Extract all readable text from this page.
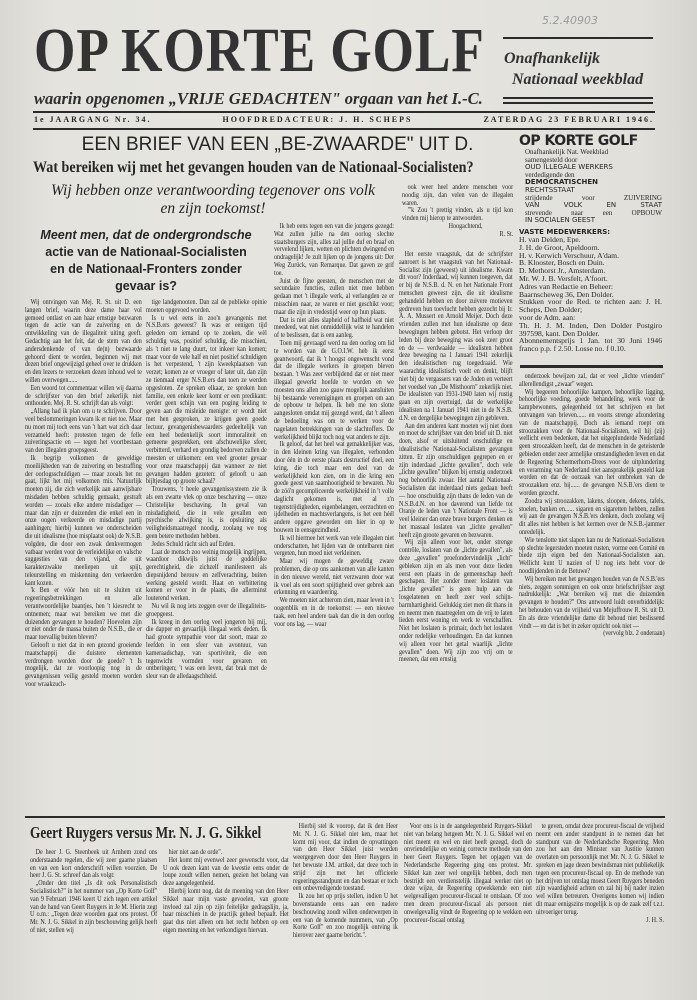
5.2.40903
OP KORTE GOLF Onafhankelijk
Nationaal weekblad
waarin opgenomen „VRIJE GEDACHTEN" orgaan van het I.-C.
1e JAARGANG Nr. 34.	HOOFDREDACTEUR: J. H. SCHEPS	ZATERDAG 23 FEBRUARI 1946.
EEN BRIEF VAN EEN „BE-ZWAARDE" UIT D.
Wat bereiken wij met het gevangen houden van de Nationaal-Socialisten?
Wij hebben onze verantwoording tegenover ons volk
en zijn toekomst!
Meent men, dat de ondergrondsche
actie van de Nationaal-Socialisten
en de Nationaal-Fronters zonder
gevaar is?

Wij ontvingen van Mej. R. St. uit D. een langen brief, waarin deze dame haar vol gemoed ontlast en aan haar ernstige bezwaren tegen de actie van de zuivering en de ontwikkeling van de illegaliteit uiting geeft. Gedachtig aan het feit, dat de stem van den andersdenkende of van de(n) bezwaarde gehoord dient te worden, beginnen wij met dezen brief ongewijzigd geheel over te drukken en den lezers te verzoeken dezen inhoud wel te willen overwegen......

Een woord tot commentaar willen wij daarna de schrijfster van den brief zekerlijk niet onthouden. Mej. R. St. schrijft dan als volgt:

„Allang had ik plan om u te schrijven. Door veel beslommeringen kwam ik er niet toe. Maar nu moet mij toch eens van 't hart wat zich daar verzameld heeft: protesten tegen de felle zuiveringsactie en — tegen het voortbestaan van den illegalen groepsgeest.

Ik begrijp volkomen de geweldige moeilijkheden van de zuivering en bestraffing der oorlogsschuldigen — maar zooals het nu gaat, lijkt het mij volkomen mis. Natuurlijk moeten zij, die zich werkelijk aan aanwijsbare misdaden hebben schuldig gemaakt, gestraft worden — zooals elke andere misdadiger — maar dan zijn er duizenden die enkel een in onze oogen verkeerde en misdadige partij aanhingen; hierbij kunnen we onderscheiden die uit idealisme (hoe misplaatst ook) de N.S.B. volgden, die door een zwak denkvermogen vatbaar werden voor de verleidelijke en valsche suggesties van den vijand, die uit karakterzwakte meeliepen uit spijt, teleurstelling en miskenning den verkeerden kant kozen.

'k Ben er vóór hen uit te sluiten uit regeeringsbetrekkingen en alle verantwoordelijke baantjes, hen 't kiesrecht te ontnemen; maar wat bereiken we met die duizenden gevangen te houden? Hoevelen zijn er niet onder de massa buiten de N.S.B., die er maar toevallig buiten bleven?

Gelooft u niet dat in een gezond groeiende maatschappij die duistere elementen verdrongen worden door de goede? 't Is mogelijk, dat ze voorloopig nog in de gevangenissen veilig gesteld moeten worden voor wraakzuch-

tige landgenooten. Dan zal de publieke opinie moeten opgevoed worden.

Is u wel eens in zoo'n gevangenis met N.S.B.ers geweest? Ik was er eenigen tijd geleden om iemand op te zoeken, die wèl schuldig was, positief schuldig, die misschien, als 't niet te lang duurt, tot inkeer kan komen; maar voor de vele half en niet positief schuldigen is het verpestend, 't zijn kweekplaatsen van verzet; komen ze er vroeger of later uit, dan zijn ze tienmaal erger N.S.B.ers dan toen ze werden opgesloten. Ze spreken elkaar, ze spreken hun familie, een enkele keer komt er een predikant: verder geen schijn van een poging leiding te geven aan die misleide menigte: er wordt niet met hen gesproken, ze krijgen geen goede lectuur, gevangenisbewaarders gedeeltelijk van een heel bedenkelijk soort immoraliteit en gemeene gesprekken, een afschuwelijke sfeer, verbitterd, verhard en grondig bedorven zullen de meesten er uitkomen: een veel grooter gevaar voor onze maatschappij dan wanneer ze niet gevangen hadden gezeten: of gelooft u aan bijltjesdag op groote schaal?

Trouwens, 't heele gevangenissysteem zie ik als een zwarte vlek op onze beschaving — onze Christelijke beschaving. In geval van misdadigheid, die in vele gevallen een psychische afwijking is, is opsluiting als veiligheidsmaatregel noodig, zoolang we nog geen betere methoden hebben.

Jedes Schuld rächt sich auf Erden.

Laat de mensch zoo weinig mogelijk ingrijpen, waardoor dikwijls juist de goddelijke gerechtigheid, die zichzelf manifesteert als diepsnijdend berouw en zelfverachting, buiten werking gesteld wordt. Haat en verbittering komen er voor in de plaats, die allerminst louterend werken.

Nu wil ik nog iets zeggen over de illegaliteits-groepgeest.

Ik kreeg in den oorlog veel jongeren bij mij, die dapper en gevaarlijk illegaal werk deden. Ik had groote sympathie voor dat soort, maar ze leefden in een sfeer van avontuur, van kameraadschap, van sportiviteit, die een tegenwicht vormden voor gevaren en ontberingen; 't was een leven, dat brak met de sleur van de alledaagschheid.

Ik heb eens tegen een van die jongens gezegd: Wat zullen jullie na den oorlog slechte staatsburgers zijn, alles zal jullie duf en braaf en vervelend lijken, wetten en plichten dwingend en ondragelijk! Je zult lijken op de jongens uit: Der Weg Zurück, van Remarque. Dat gaven ze grif toe.

Juist de fijne geesten, de menschen met de secundaire functies, zullen niet mee hebben gedaan met 't illegale werk, al verlangden ze er misschien naar, ze waren er niet geschikt voor; maar die zijn in vredestijd weer op hun plaats.

Dat is niet alles slapheid of halfheid wat niet meedeed, wat niet onmiddellijk wist te handelen of te beslissen, dat is een aanleg.

Toen mij gevraagd werd na den oorlog om lid te worden van de G.O.I.W. heb ik eerst geantwoord, dat ik 't hoogst ongewenscht vond dat de illegale werkers in groepen bleven bestaan. 't Was zeer verblijdend dat er niet meer illegaal gewerkt hoefde te worden en we moesten ons allen zoo gauw mogelijk aansluiten bij bestaande vereenigingen en groepen om aan de opbouw te helpen. Ik heb me ten slotte aangesloten omdat mij gezegd werd, dat 't alleen de bedoeling was om te werken voor de nagelaten betrekkingen van de slachtoffers. De werkelijkheid blijkt toch nog wat anders te zijn.

Ik geloof, dat het heel wat gemakkelijker was, in den kleinen kring van illegalen, verbonden door één in de eerste plaats destructief doel, een kring, die toch maar een deel van de werkelijkheid kon zien, om in die kring een goede geest van saamhoorigheid te bewaren. Nu de zóó'n gecompliceerde werkelijkheid in 't volle daglicht gekomen is, met al z'n tegenstrijdigheden, eigenbelangen, eerzuchten en ijdelheden en machtsverlangens, is het een héél andere opgave geworden om hier in op te bouwen in eensgezindheid.

Ik wil hiermee het werk van vele illegalen niet onderschatten, het lijden van de ontelbaren niet vergeten, hun moed niet verkleinen.

Maar wij mogen de geweldig zware problemen, die op ons aankomen van alle kanten in den nieuwe wereld, niet verzwaren door wat ik voel als een soort spijtigheid over gebrek aan erkenning en waardeering.

We moeten niet achterom zien, maar leven in 't oogenblik en in de toekomst: — een nieuwe taak, een heel andere taak dan die in den oorlog voor ons lag, — waar

ook weer heel andere menschen voor noodig zijn, dan velen van de illegalen waren.

"'k Zou 't prettig vinden, als u tijd kon vinden mij hierop te antwoorden.

Hoogachtend,
R. St.

Het eerste vraagstuk, dat de schrijfster aanroert is het vraagstuk van het Nationaal-Socialist zijn (geweest) uit idealisme. Kwam dit voor? Inderdaad, wij kunnen toegeven, dat er bij de N.S.B. d. N. en het Nationale Front menschen geweest zijn, die uit idealisme gehandeld hebben en door zuivere motieven gedreven hun toevlucht hebben gezocht bij Ir. A. A. Mussert en Arnold Meijer. Doch deze vrienden zullen met hun idealisme op deze bewegingen hebben gebotst. Het verloop der leden bij deze beweging was ook zeer groot en de — verdwaalde — idealisten hebben deze beweging na 1 Januari 1941 zekerlijk den idealistischen rug toegedraaid. Wie waarachtig idealistisch voelt en denkt, blijft niet bij de vergassers van de Joden en verteert het voedsel van „De Misthoorn" zekerlijk niet. De idealisten van 1931-1940 laten wij rustig gaan en zijn overtuigd, dat de werkelijke idealisten na 1 Januari 1941 niet in de N.S.B. d.N. en dergelijke bewegingen zijn gebleven.

Aan den anderen kant moeten wij niet doen en moet de schrijfster van den brief uit D. niet doen, alsof er uitsluitend onschuldige en idealistische Nationaal-Socialisten gevangen zitten. Er zijn onschuldigen gegrepen en er zijn inderdaad „lichte gevallen", doch vele „lichte gevallen" blijken bij ernstig onderzoek nog behoorlijk zwaar. Het aantal Nationaal-Socialisten dat inderdaad niets gedaan heeft — hoe onschuldig zijn thans de leden van de N.S.B.d.N. en hoe daverend van liefde tot Oranje de leden van 't Nationale Front — is veel kleiner dan onze brave burgers denken en het massaal loslaten van „lichte gevallen" heeft zijn groote gevaren en bezwaren.

Wij zijn alleen voor het, onder strenge contrôle, loslaten van de „lichte gevallen", als deze „gevallen" proefondervindelijk „licht" gebleken zijn en als men voor deze lieden eerst een plaats in de gemeenschap heeft geschapen. Het zonder meer loslaten van „lichte gevallen" is geen hulp aan de losgelatenen en heeft zeer veel schijn-barmhartigheid. Gelukkig ziet men dit thans in en neemt men maatregelen om de vrij te laten lieden eerst woning en werk te verschaffen. Niet het loslaten is primair, doch het loslaten onder redelijke verhoudingen. En dat kunnen wij alleen voor het getal waarlijk „lichte gevallen" doen. Wij zijn zoo vrij om te meenen, dat een ernstig

onderzoek bewijzen zal, dat er veel „lichte vrienden" allerellendigst „zwaar" wegen.

Wij begeeren behoorlijke kampen, behoorlijke ligging, behoorlijke voeding, goede behandeling, werk voor de kampbewoners, gelegenheid tot het schrijven en het ontvangen van brieven...... en voorts strenge afzondering van de maatschappij. Doch als iemand roept om stroozakken voor de Nationaal-Socialisten, wil hij (zij) wellicht even bedenken, dat het uitgeplunderde Nederland geen stroozakken heeft, dat de menschen in de geteisterde gebieden onder zeer armelijke omstandigheden leven en dat de Regeering Schermerhorn-Drees voor de uitplundering en verarming van Nederland niet aansprakelijk gesteld kan worden en dat de oorzaak van het ontbreken van de stroozakken enz. bij...... de gevangen N.S.B.'ers dient te worden gezocht.

Zoodra wij stroozakken, lakens, sloopen, dekens, tafels, stoelen, banken en...... sigaren en sigaretten hebben, zullen wij aan de gevangen N.S.B.'ers denken, doch zoolang wij dit alles niet hebben is het kermen over de N.S.B.-jammer onredelijk.

Wie tenslotte niet slapen kan nu de Nationaal-Socialisten op slechte legersteden moeten rusten, vorme een Comité en biede zijn eigen bed den Nationaal-Socialisten aan. Wellicht kunt U nazien of U nog iets hebt voor de noodlijdenden in de Betuwe?

Wij bereiken met het gevangen houden van de N.S.B.'ers niets, zeggen sommigen en ook onze briefschrijfster zegt nadrukkelijk: „Wat bereiken wij met die duizenden gevangen te houden?" Ons antwoord luidt onverbiddelijk: het behouden van de vrijheid van Mejuffrouw R. St. uit D. En als deze vriendelijke dame dit behoud niet beslissend vindt — en dat is het in zeker opzicht ook niet —

(vervolg blz. 2 onderaan)
OP KORTE GOLF
Onafhankelijk Nat. Weekblad
samengesteld door
OUD ILLEGALE WERKERS
verdedigende den
DEMOCRATISCHEN
RECHTSSTAAT
strijdende voor ZUIVERING
VAN VOLK EN STAAT
strevende naar een OPBOUW
IN SOCIALEN GEEST
VASTE MEDEWERKERS:
H. van Delden, Epe.
J. H. de Groot, Apeldoorn.
H. v. Kerwich Verschuur, A'dam.
B. Klooster, Bosch en Duin.
D. Methorst Jr., Amsterdam.
Mr. W. J. B. Versfelt, A'foort.
Adres van Redactie en Beheer:
Baarnscheweg 36, Den Dolder.
Stukken voor de Red. te richten aan: J. H. Scheps, Den Dolder;
voor de Adm. aan:
Th. H. J. M. Inden, Den Dolder Postgiro 397598, kant. Den Dolder.
Abonnementsprijs 1 Jan. tot 30 Juni 1946 franco p.p. f 2.50. Losse no. f 0.10.
Geert Ruygers versus Mr. N. J. G. Sikkel

De heer J. G. Steenbeek uit Arnhem zond ons onderstaande regelen, die wij zeer gaarne plaatsen en van een kort onderschrift willen voorzien. De heer J. G. St. schreef dan als volgt:

„Onder den titel „Is dit ook Personalistisch Socialistisch?" in het nummer van „Op Korte Golf" van 9 Februari 1946 keert U zich tegen een artikel van de hand van Geert Ruygers in Je M. Hierin zegt U o.m.: „Tegen deze woorden gaat ons protest. Of Mr. N. J. G. Sikkel in zijn beschouwing gelijk heeft of niet, stellen wij

hier niet aan de orde".

Het komt mij evenwel zeer gewenscht voor, dat U ook dezen kant van de kwestie eens onder de loupe zoudt willen nemen, gezien het belang van deze aangelegenheid.

Hierbij komt nog, dat de meening van den Heer Sikkel naar mijn vaste gevoelen, van groote invloed zal zijn op zijn feitelijke gedragslijn, ja, haar misschien in de practijk geheel bepaalt. Het gaat dus niet alleen om het recht hebben op een eigen meening en het verkondigen hiervan.

Hierbij stel ik voorop, dat ik den Heer Mr. N. J. G. Sikkel niet ken, maar het komt mij voor, dat indien de opvattingen van den Heer Sikkel juist worden weergegeven door den Heer Ruygers in het bewuste J.M. artikel, dat deze toch in strijd zijn met het officieele regeeringsstandpunt en dan bestaat er toch een onbevredigende toestand.

Ik zou het op prijs stellen, indien U het bovenstaande eens aan een nadere beschouwing zoudt willen onderwerpen in een van de komende nummers, van „Op Korte Golf" en zoo mogelijk ontving ik hierover zeer gaarne bericht.".

Voor ons is in de aangelegenheid Ruygers-Sikkel niet van belang hetgeen Mr. N. J. G. Sikkel wel en niet meent en wel en niet heeft gezegd, doch de onvriendelijke en weinig correcte methode van den heer Geert Ruygers. Tegen het opjagen van de Nederlandsche Regeering ging ons protest. Mr. Sikkel kan zeer wel ongelijk hebben, doch men bestrijdt een verdienstelijk illegaal werker niet op deze wijze, de Regeering opwekkende een niet welgevalligen procureur-fiscaal te ontslaan. Of zoo men dezen procureur-fiscaal als persoon niet onwelgevallig vindt de Regeering op te wekken een procureur-fiscaal ontslag

te geven, omdat deze procureur-fiscaal de vrijheid neemt een ander standpunt in te nemen dan het standpunt van de Nederlandsche Regeering. Men zou het aan den Minister van Justitie kunnen overlaten om persoonlijk met Mr. N. J. G. Sikkel te spreken en jage dezen bewindsman niet publiekelijk tegen een procureur-fiscaal op. En de methode van het drijven tot ontslag moest Geert Ruygers beneden zijn waardigheid achten en zal hij bij nader inzien wel willen betreuren. Overigens komen wij indien dit maar eenigszins mogelijk is op de zaak zelf t.z.t. uitvoeriger terug.

J. H. S.
